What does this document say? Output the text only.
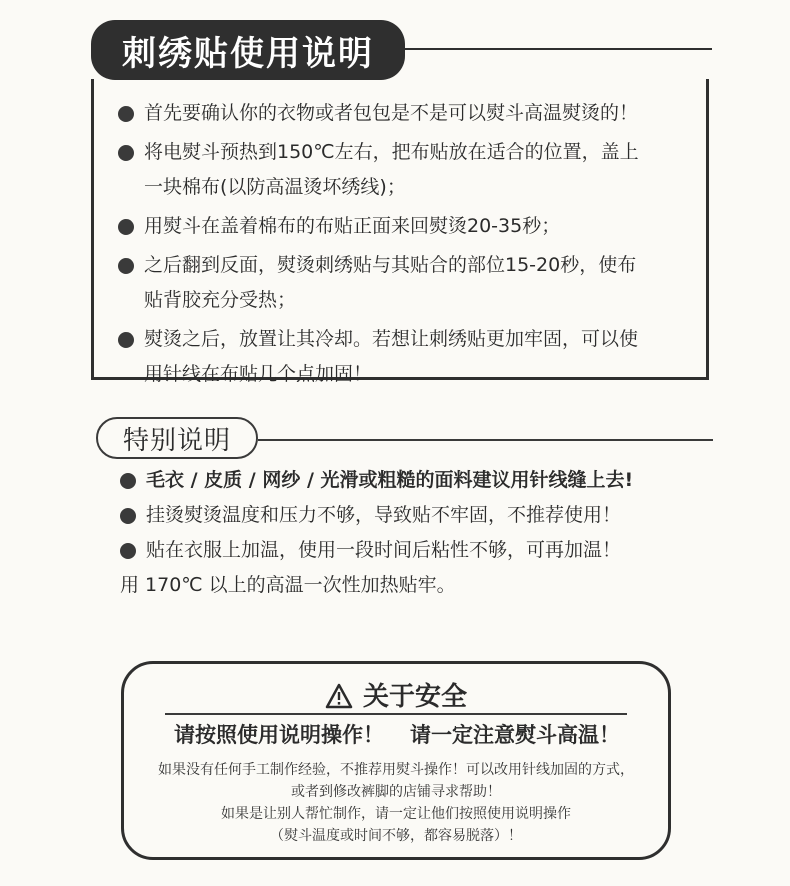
刺绣贴使用说明
首先要确认你的衣物或者包包是不是可以熨斗高温熨烫的！
将电熨斗预热到150℃左右，把布贴放在适合的位置，盖上
一块棉布(以防高温烫坏绣线)；
用熨斗在盖着棉布的布贴正面来回熨烫20-35秒；
之后翻到反面，熨烫刺绣贴与其贴合的部位15-20秒，使布
贴背胶充分受热；
熨烫之后，放置让其冷却。若想让刺绣贴更加牢固，可以使
用针线在布贴几个点加固！
特别说明
毛衣 / 皮质 / 网纱 / 光滑或粗糙的面料建议用针线缝上去!
挂烫熨烫温度和压力不够，导致贴不牢固，不推荐使用！
贴在衣服上加温，使用一段时间后粘性不够，可再加温！
用 170℃ 以上的高温一次性加热贴牢。
关于安全
请按照使用说明操作！ 请一定注意熨斗高温！
如果没有任何手工制作经验，不推荐用熨斗操作！可以改用针线加固的方式，
或者到修改裤脚的店铺寻求帮助！
如果是让别人帮忙制作，请一定让他们按照使用说明操作
（熨斗温度或时间不够，都容易脱落）！
